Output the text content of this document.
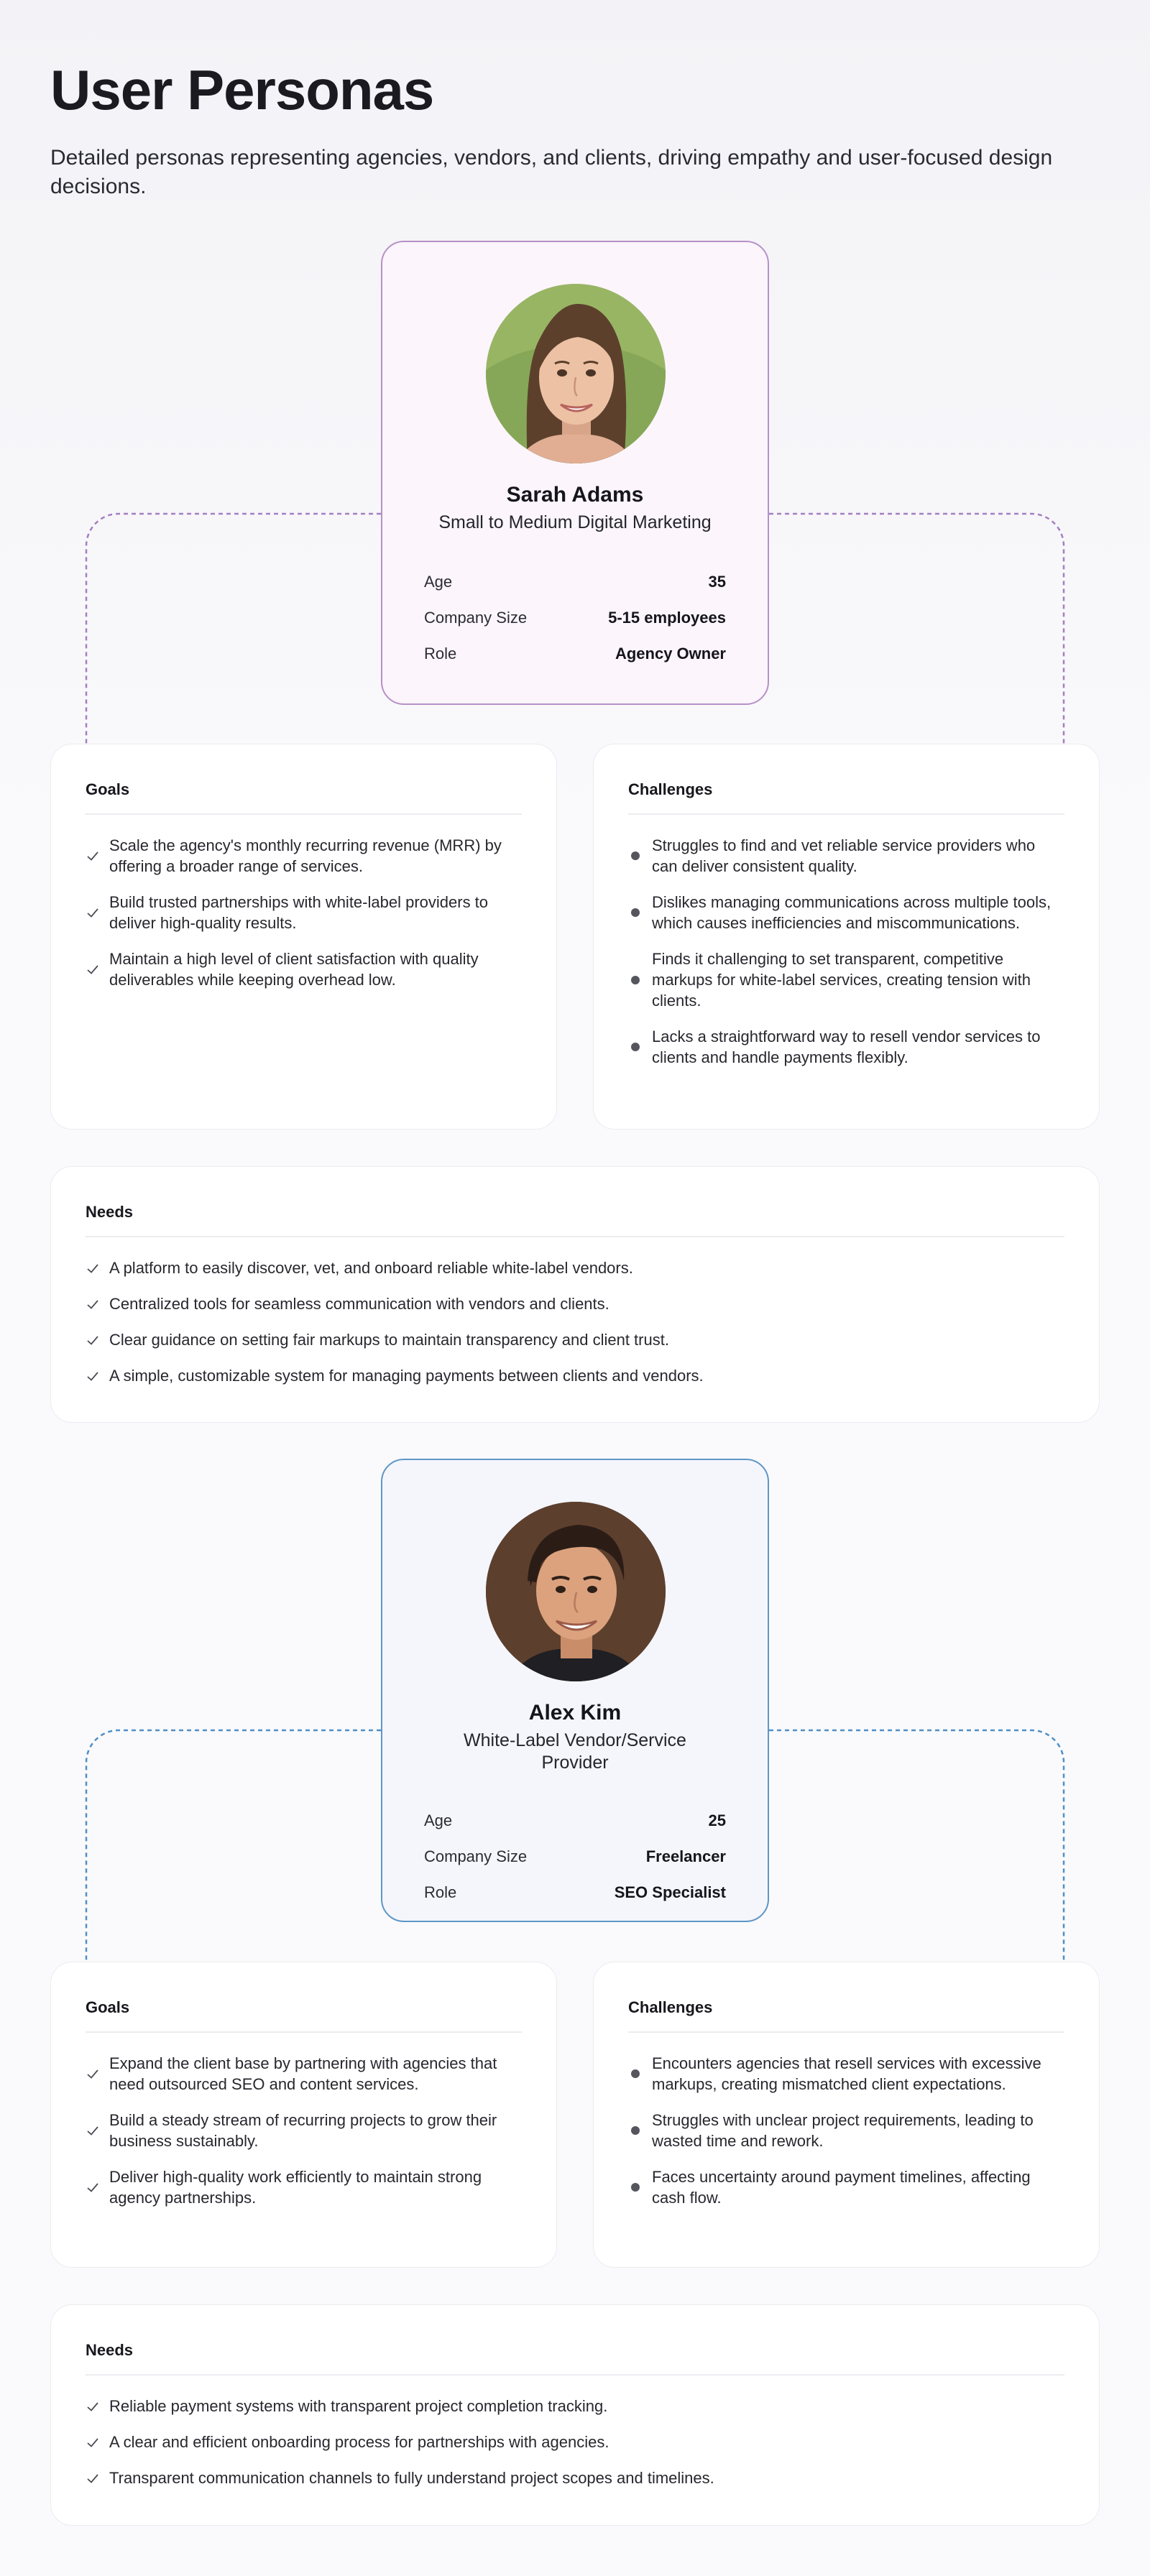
User Personas

Detailed personas representing agencies, vendors, and clients, driving empathy and user-focused design decisions.

Sarah Adams
Small to Medium Digital Marketing
Age	35
Company Size	5-15 employees
Role	Agency Owner
Goals
Scale the agency's monthly recurring revenue (MRR) by offering a broader range of services.
Build trusted partnerships with white-label providers to deliver high-quality results.
Maintain a high level of client satisfaction with quality deliverables while keeping overhead low.
Challenges
Struggles to find and vet reliable service providers who can deliver consistent quality.
Dislikes managing communications across multiple tools, which causes inefficiencies and miscommunications.
Finds it challenging to set transparent, competitive markups for white-label services, creating tension with clients.
Lacks a straightforward way to resell vendor services to clients and handle payments flexibly.
Needs
A platform to easily discover, vet, and onboard reliable white-label vendors.
Centralized tools for seamless communication with vendors and clients.
Clear guidance on setting fair markups to maintain transparency and client trust.
A simple, customizable system for managing payments between clients and vendors.
Alex Kim
White-Label Vendor/Service Provider
Age	25
Company Size	Freelancer
Role	SEO Specialist
Goals
Expand the client base by partnering with agencies that need outsourced SEO and content services.
Build a steady stream of recurring projects to grow their business sustainably.
Deliver high-quality work efficiently to maintain strong agency partnerships.
Challenges
Encounters agencies that resell services with excessive markups, creating mismatched client expectations.
Struggles with unclear project requirements, leading to wasted time and rework.
Faces uncertainty around payment timelines, affecting cash flow.
Needs
Reliable payment systems with transparent project completion tracking.
A clear and efficient onboarding process for partnerships with agencies.
Transparent communication channels to fully understand project scopes and timelines.
